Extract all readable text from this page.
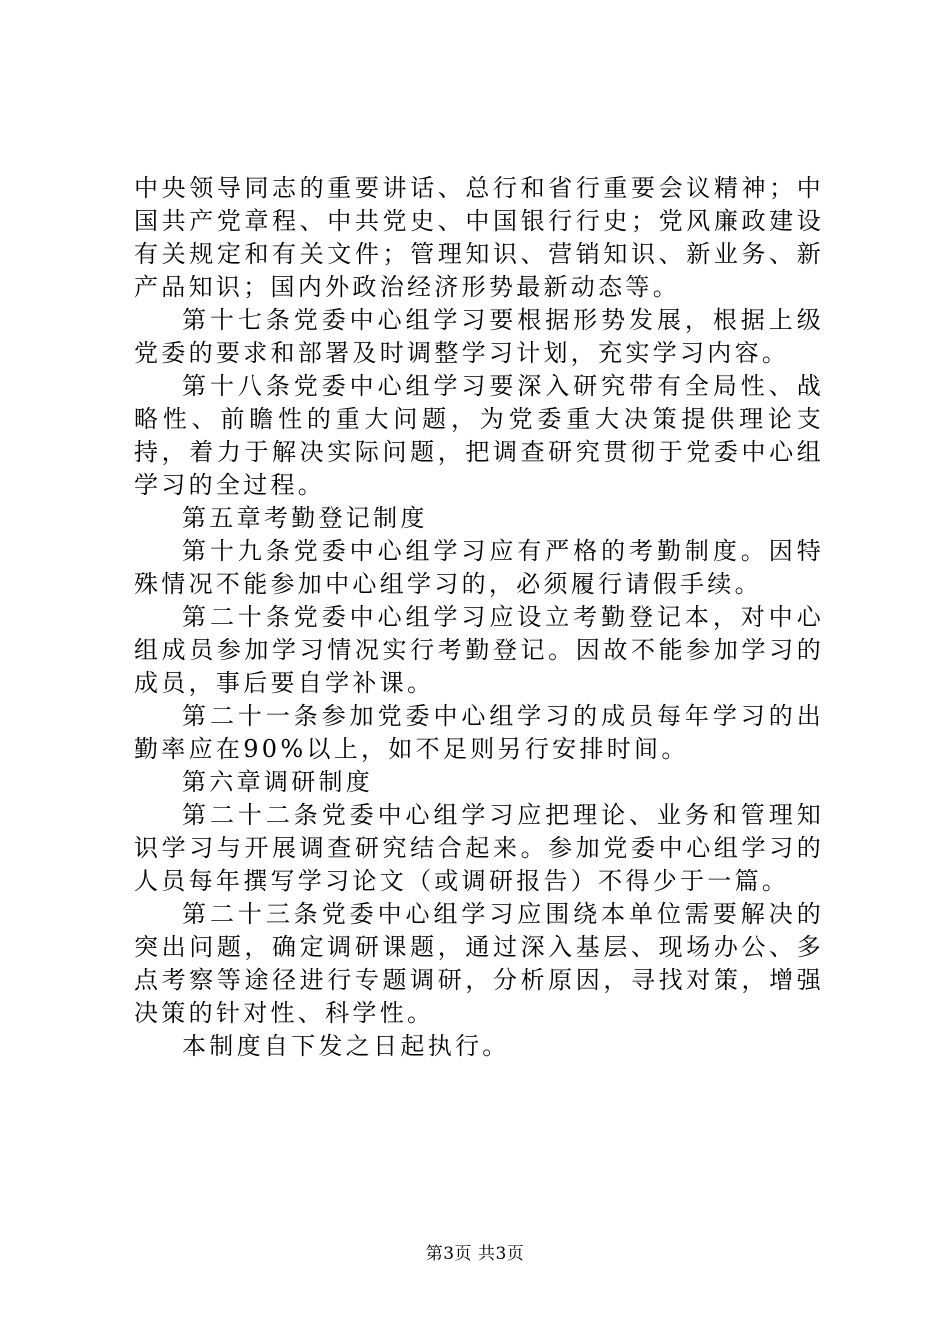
中央领导同志的重要讲话、总行和省行重要会议精神；中国共产党章程、中共党史、中国银行行史；党风廉政建设有关规定和有关文件；管理知识、营销知识、新业务、新产品知识；国内外政治经济形势最新动态等。

第十七条党委中心组学习要根据形势发展，根据上级党委的要求和部署及时调整学习计划，充实学习内容。

第十八条党委中心组学习要深入研究带有全局性、战略性、前瞻性的重大问题，为党委重大决策提供理论支持，着力于解决实际问题，把调查研究贯彻于党委中心组学习的全过程。

第五章考勤登记制度

第十九条党委中心组学习应有严格的考勤制度。因特殊情况不能参加中心组学习的，必须履行请假手续。

第二十条党委中心组学习应设立考勤登记本，对中心组成员参加学习情况实行考勤登记。因故不能参加学习的成员，事后要自学补课。

第二十一条参加党委中心组学习的成员每年学习的出勤率应在90%以上，如不足则另行安排时间。

第六章调研制度

第二十二条党委中心组学习应把理论、业务和管理知识学习与开展调查研究结合起来。参加党委中心组学习的人员每年撰写学习论文（或调研报告）不得少于一篇。

第二十三条党委中心组学习应围绕本单位需要解决的突出问题，确定调研课题，通过深入基层、现场办公、多点考察等途径进行专题调研，分析原因，寻找对策，增强决策的针对性、科学性。

本制度自下发之日起执行。

第3页 共3页
